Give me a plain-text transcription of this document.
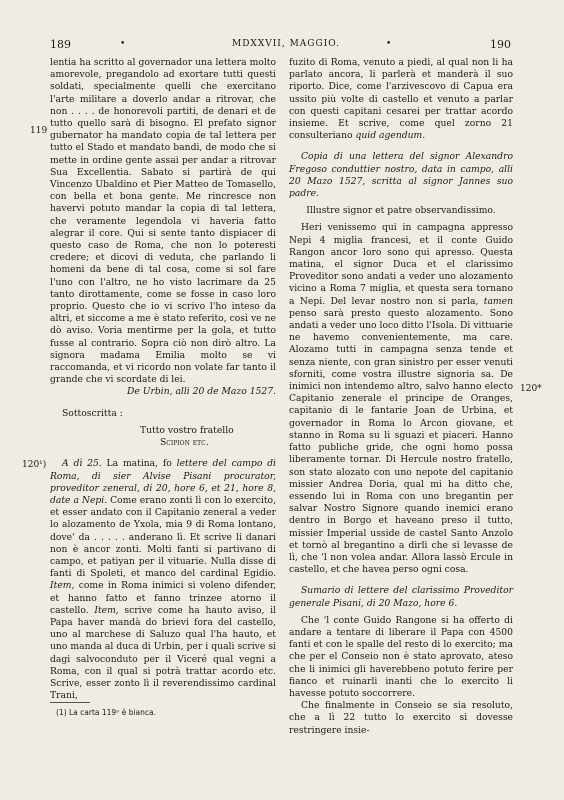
189	•	MDXXVII, MAGGIO.	•	190
119
120¹)
120*

lentia ha scritto al governador una lettera molto amorevole, pregandolo ad exortare tutti questi soldati, specialmente quelli che exercitano l'arte militare a doverlo andar a ritrovar, che non . . . . de honorevoli partiti, de denari et de tutto quello sarà di bisogno. El prefato signor gubernator ha mandato copia de tal lettera per tutto el Stado et mandato bandi, de modo che si mette in ordine gente assai per andar a ritrovar Sua Excellentia. Sabato si partirà de qui Vincenzo Ubaldino et Pier Matteo de Tomasello, con bella et bona gente. Me rincresce non havervi potuto mandar la copia di tal lettera, che veramente legendola vi haveria fatto alegrar il core. Qui si sente tanto dispiacer di questo caso de Roma, che non lo poteresti credere; et dicovi di veduta, che parlando li homeni da bene di tal cosa, come si sol fare l'uno con l'altro, ne ho visto lacrimare da 25 tanto dirottamente, come se fosse in caso loro proprio. Questo che io vi scrivo l'ho inteso da altri, et siccome a me è stato referito, così ve ne dò aviso. Voria mentirme per la gola, et tutto fusse al contrario. Sopra ciò non dirò altro. La signora madama Emilia molto se vi raccomanda, et vi ricordo non volate far tanto il grande che vi scordate di lei.

De Urbin, alli 20 de Mazo 1527.

Sottoscritta :

Tutto vostro fratello

Scipion etc.

A dì 25. La matina, fo lettere del campo di Roma, di sier Alvise Pisani procurator, proveditor zeneral, di 20, hore 6, et 21, hore 8, date a Nepi. Come erano zonti lì con lo exercito, et esser andato con il Capitanio zeneral a veder lo alozamento de Yxola, mia 9 di Roma lontano, dove' da . . . . . anderano lì. Et scrive li danari non è ancor zonti. Molti fanti si partivano di campo, et patiyan per il vituarie. Nulla disse di fanti di Spoleti, et manco del cardinal Egidio. Item, come in Roma inimici si voleno difender, et hanno fatto et fanno trinzee atorno il castello. Item, scrive come ha hauto aviso, il Papa haver mandà do brievi fora del castello, uno al marchese di Saluzo qual l'ha hauto, et uno manda al duca di Urbin, per i quali scrive si dagi salvoconduto per il Viceré qual vegni a Roma, con il qual si potrà trattar acordo etc. Scrive, esser zonto lì il reverendissimo cardinal Trani,

fuzito di Roma, venuto a piedi, al qual non li ha parlato ancora, li parlerà et manderà il suo riporto. Dice, come l'arzivescovo di Capua era ussito più volte di castello et venuto a parlar con questi capitani cesarei per trattar acordo insieme. Et scrive, come quel zorno 21 consulteriano quid agendum.

Copia di una lettera del signor Alexandro Fregoso conduttier nostro, data in campo, alli 20 Mazo 1527, scritta al signor Jannes suo padre.

Illustre signor et patre observandissimo.

Heri venissemo qui in campagna appresso Nepi 4 miglia francesi, et il conte Guido Rangon ancor loro sono qui apresso. Questa matina, el signor Duca et el clarissimo Proveditor sono andati a veder uno alozamento vicino a Roma 7 miglia, et questa sera tornano a Nepi. Del levar nostro non si parla, tamen penso sarà presto questo alozamento. Sono andati a veder uno loco ditto l'Isola. Di vittuarie ne havemo convenientemente, ma care. Alozamo tutti in campagna senza tende et senza niente, con gran sinistro per esser venuti sforniti, come vostra illustre signoria sa. De inimici non intendemo altro, salvo hanno electo Capitanio zenerale el principe de Oranges, capitanio di le fantarie Joan de Urbina, et governador in Roma lo Arcon giovane, et stanno in Roma su li sguazi et piaceri. Hanno fatto publiche gride, che ogni homo possa liberamente tornar. Di Hercule nostro fratello, son stato alozato con uno nepote del capitanio missier Andrea Doria, qual mi ha ditto che, essendo lui in Roma con uno bregantin per salvar Nostro Signore quando inemici erano dentro in Borgo et haveano preso il tutto, missier Imperial usside de castel Santo Anzolo et tornò al bregantino a dirli che si levasse de lì, che 'l non volea andar. Allora lassò Ercule in castello, et che havea perso ogni cosa.

Sumario di lettere del clarissimo Proveditor generale Pisani, di 20 Mazo, hore 6.

Che 'l conte Guido Rangone si ha offerto di andare a tentare di liberare il Papa con 4500 fanti et con le spalle del resto di lo exercito; ma che per el Conseio non è stato aprovato, ateso che li inimici gli haverebbeno potuto ferire per fianco et ruinarli inanti che lo exercito li havesse potuto soccorrere.

Che finalmente in Conseio se sia resoluto, che a lì 22 tutto lo exercito si dovesse restringere insie-

(1) La carta 119ᵛ è bianca.
